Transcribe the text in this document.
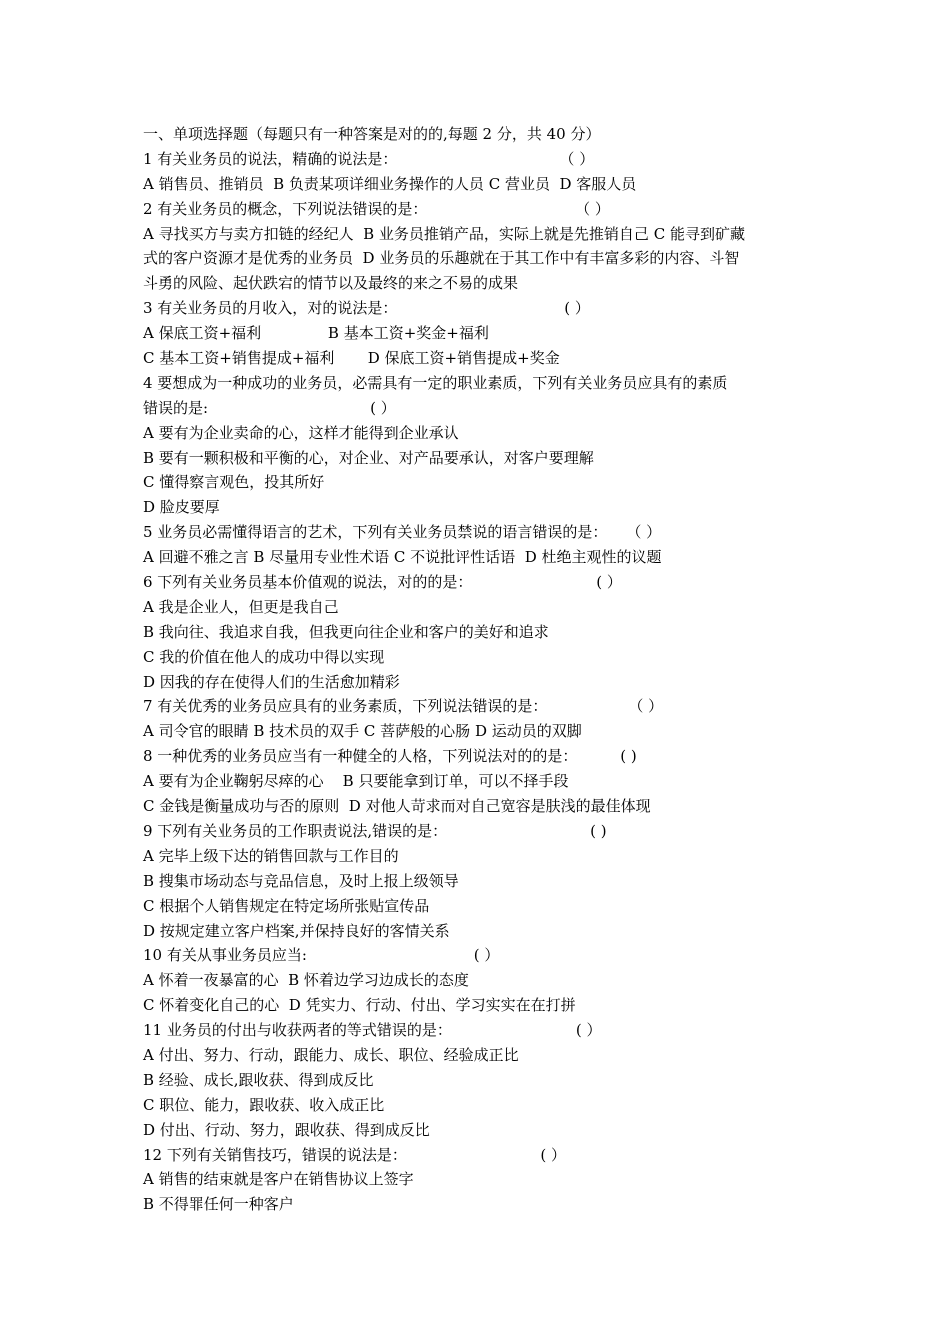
一、单项选择题（每题只有一种答案是对的的,每题 2 分，共 40 分）
1 有关业务员的说法，精确的说法是：                                  （ ）
A 销售员、推销员  B 负责某项详细业务操作的人员 C 营业员  D 客服人员
2 有关业务员的概念，下列说法错误的是：                               （ ）
A 寻找买方与卖方扣链的经纪人  B 业务员推销产品，实际上就是先推销自己 C 能寻到矿藏
式的客户资源才是优秀的业务员  D 业务员的乐趣就在于其工作中有丰富多彩的内容、斗智
斗勇的风险、起伏跌宕的情节以及最终的来之不易的成果
3 有关业务员的月收入，对的说法是：                                   ( ）
A 保底工资+福利              B 基本工资+奖金+福利
C 基本工资+销售提成+福利       D 保底工资+销售提成+奖金
4 要想成为一种成功的业务员，必需具有一定的职业素质，下列有关业务员应具有的素质
错误的是:                                  ( ）
A 要有为企业卖命的心，这样才能得到企业承认
B 要有一颗积极和平衡的心，对企业、对产品要承认，对客户要理解
C 懂得察言观色，投其所好
D 脸皮要厚
5 业务员必需懂得语言的艺术，下列有关业务员禁说的语言错误的是：    （ ）
A 回避不雅之言 B 尽量用专业性术语 C 不说批评性话语  D 杜绝主观性的议题
6 下列有关业务员基本价值观的说法，对的的是：                          ( ）
A 我是企业人，但更是我自己
B 我向往、我追求自我，但我更向往企业和客户的美好和追求
C 我的价值在他人的成功中得以实现
D 因我的存在使得人们的生活愈加精彩
7 有关优秀的业务员应具有的业务素质，下列说法错误的是：                 （ ）
A 司令官的眼睛 B 技术员的双手 C 菩萨般的心肠 D 运动员的双脚
8 一种优秀的业务员应当有一种健全的人格，下列说法对的的是：         ( )
A 要有为企业鞠躬尽瘁的心    B 只要能拿到订单，可以不择手段
C 金钱是衡量成功与否的原则  D 对他人苛求而对自己宽容是肤浅的最佳体现
9 下列有关业务员的工作职责说法,错误的是：                              ( )
A 完毕上级下达的销售回款与工作目的
B 搜集市场动态与竞品信息，及时上报上级领导
C 根据个人销售规定在特定场所张贴宣传品
D 按规定建立客户档案,并保持良好的客情关系
10 有关从事业务员应当:                                   ( ）
A 怀着一夜暴富的心  B 怀着边学习边成长的态度
C 怀着变化自己的心  D 凭实力、行动、付出、学习实实在在打拼
11 业务员的付出与收获两者的等式错误的是：                          ( ）
A 付出、努力、行动，跟能力、成长、职位、经验成正比
B 经验、成长,跟收获、得到成反比
C 职位、能力，跟收获、收入成正比
D 付出、行动、努力，跟收获、得到成反比
12 下列有关销售技巧，错误的说法是：                            ( ）
A 销售的结束就是客户在销售协议上签字
B 不得罪任何一种客户
